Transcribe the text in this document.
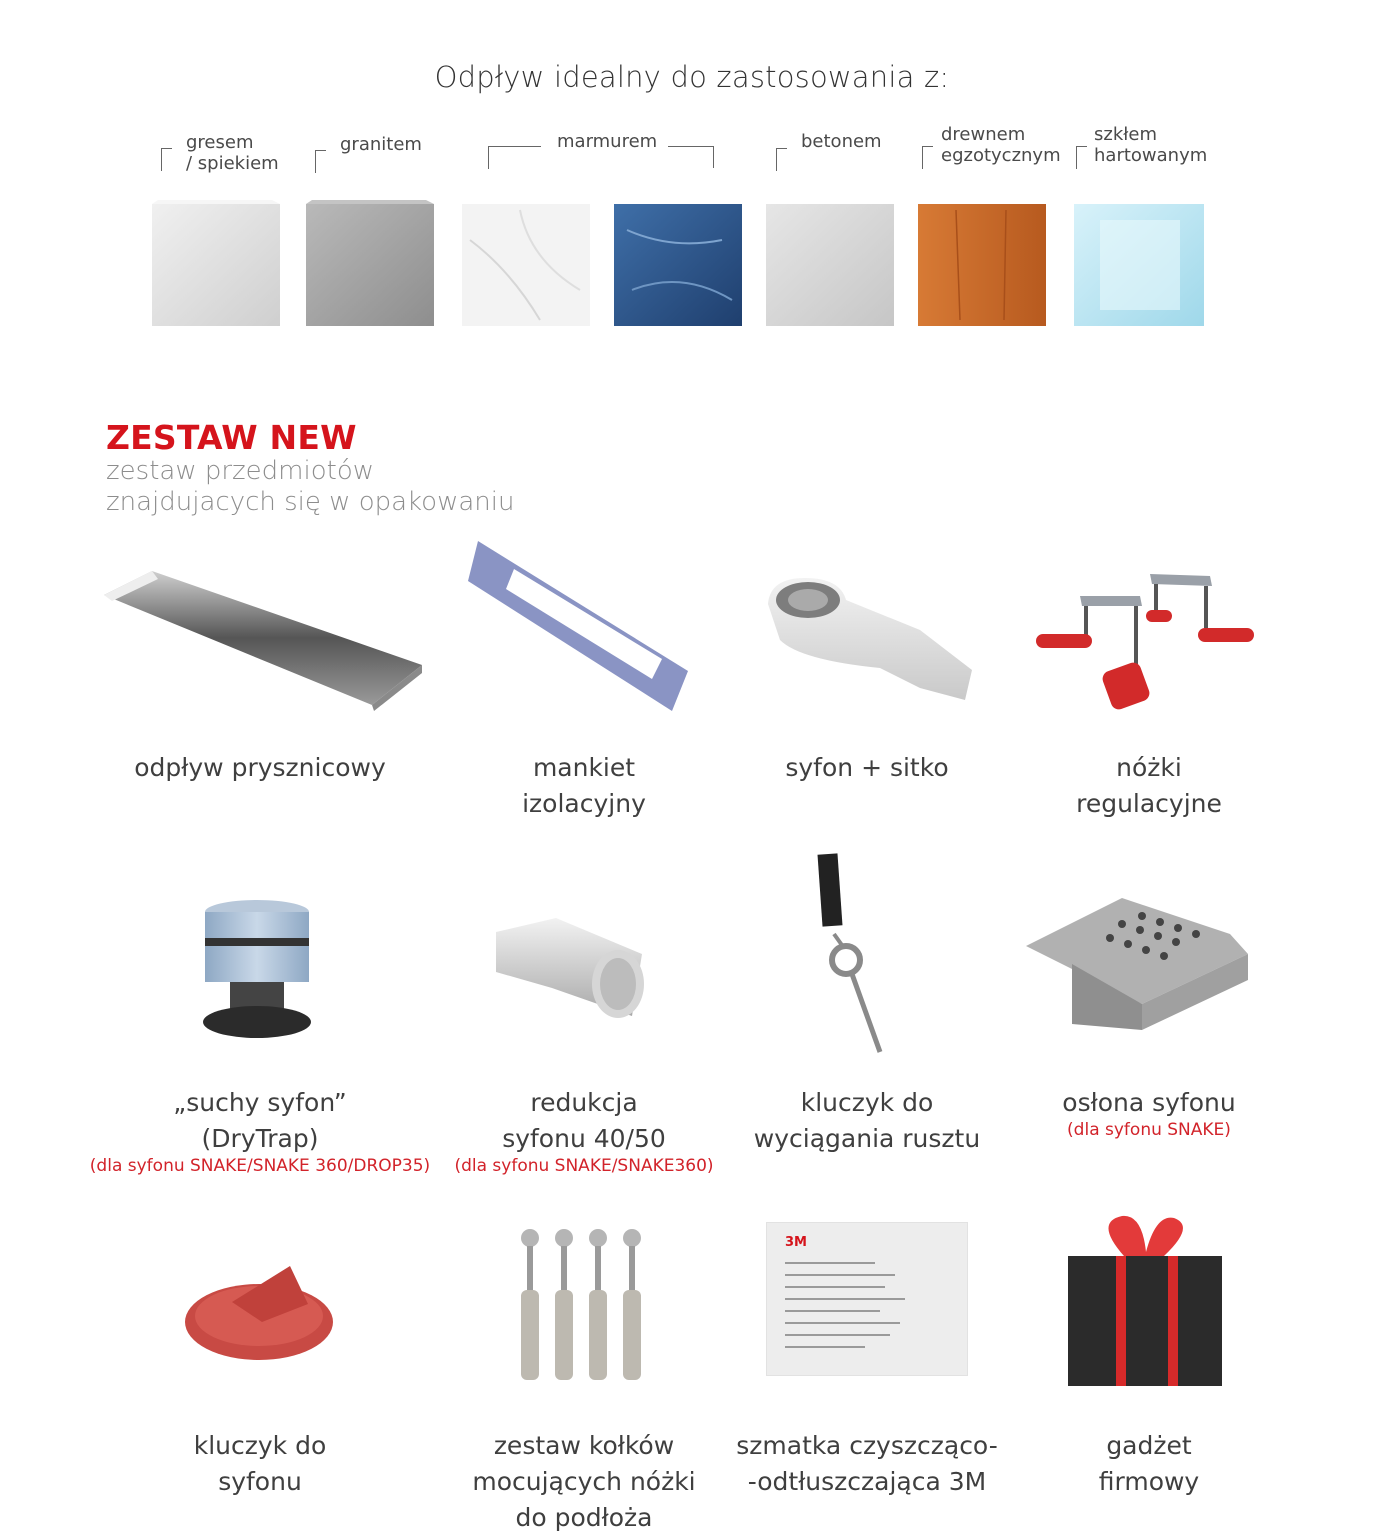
Odpływ idealny do zastosowania z:
gresem
/ spiekiem
granitem	marmurem	betonem	drewnem
egzotycznym
szkłem
hartowanym
ZESTAW NEW
zestaw przedmiotów
znajdujacych się w opakowaniu
odpływ prysznicowy	mankiet
izolacyjny
syfon + sitko	nóżki
regulacyjne
„suchy syfon”
(DryTrap)
(dla syfonu SNAKE/SNAKE 360/DROP35)
redukcja
syfonu 40/50
(dla syfonu SNAKE/SNAKE360)
kluczyk do
wyciągania rusztu
osłona syfonu
(dla syfonu SNAKE)
3M
kluczyk do
syfonu
zestaw kołków
mocujących nóżki
do podłoża
szmatka czyszcząco-
-odtłuszczająca 3M
gadżet
firmowy
